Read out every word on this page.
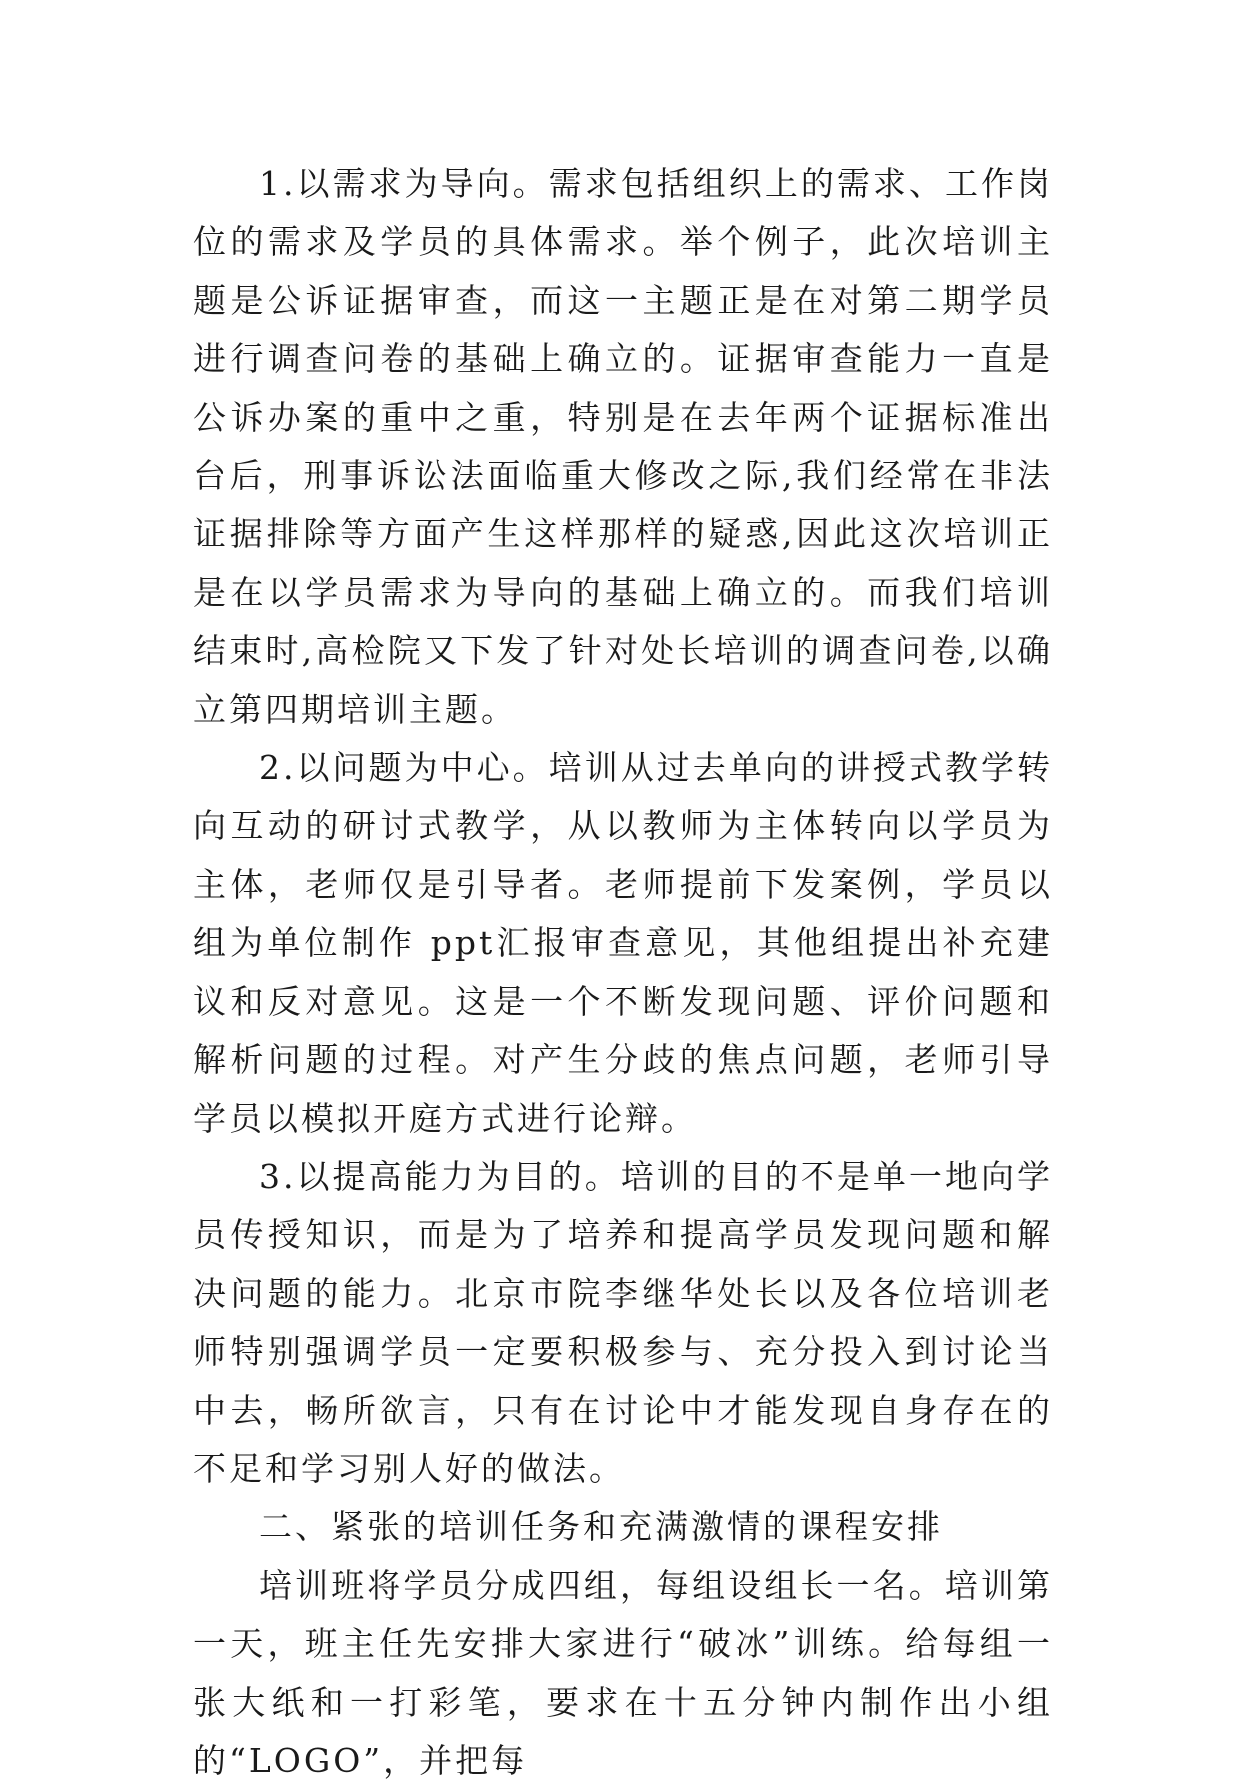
1.以需求为导向。需求包括组织上的需求、工作岗位的需求及学员的具体需求。举个例子，此次培训主题是公诉证据审查，而这一主题正是在对第二期学员进行调查问卷的基础上确立的。证据审查能力一直是公诉办案的重中之重，特别是在去年两个证据标准出台后，刑事诉讼法面临重大修改之际,我们经常在非法证据排除等方面产生这样那样的疑惑,因此这次培训正是在以学员需求为导向的基础上确立的。而我们培训结束时,高检院又下发了针对处长培训的调查问卷,以确立第四期培训主题。

2.以问题为中心。培训从过去单向的讲授式教学转向互动的研讨式教学，从以教师为主体转向以学员为主体，老师仅是引导者。老师提前下发案例，学员以组为单位制作 ppt汇报审查意见，其他组提出补充建议和反对意见。这是一个不断发现问题、评价问题和解析问题的过程。对产生分歧的焦点问题，老师引导学员以模拟开庭方式进行论辩。

3.以提高能力为目的。培训的目的不是单一地向学员传授知识，而是为了培养和提高学员发现问题和解决问题的能力。北京市院李继华处长以及各位培训老师特别强调学员一定要积极参与、充分投入到讨论当中去，畅所欲言，只有在讨论中才能发现自身存在的不足和学习别人好的做法。

二、紧张的培训任务和充满激情的课程安排

培训班将学员分成四组，每组设组长一名。培训第一天，班主任先安排大家进行“破冰”训练。给每组一张大纸和一打彩笔，要求在十五分钟内制作出小组的“LOGO”，并把每
